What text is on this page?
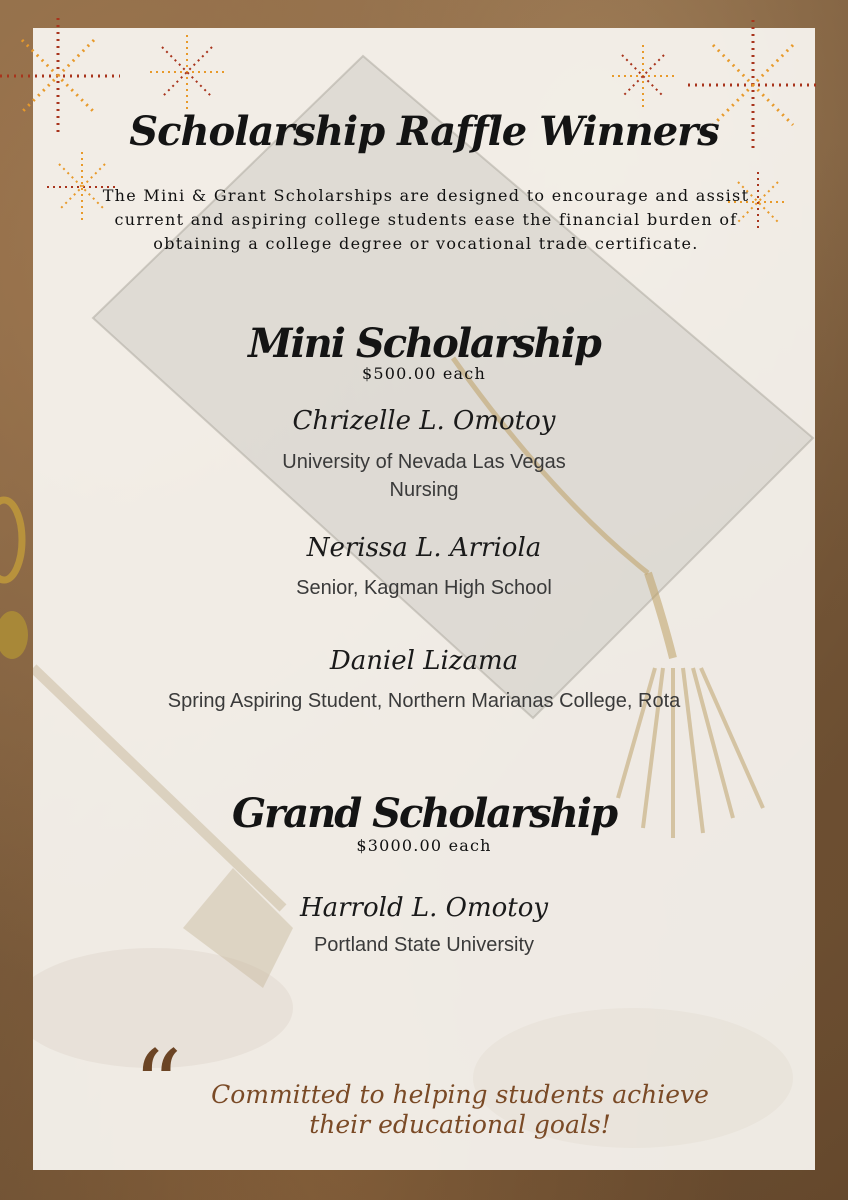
Scholarship Raffle Winners
The Mini & Grant Scholarships are designed to encourage and assist current and aspiring college students ease the financial burden of obtaining a college degree or vocational trade certificate.
Mini Scholarship
$500.00 each
Chrizelle L. Omotoy
University of Nevada Las Vegas
Nursing
Nerissa L. Arriola
Senior, Kagman High School
Daniel Lizama
Spring Aspiring Student, Northern Marianas College, Rota
Grand Scholarship
$3000.00 each
Harrold L. Omotoy
Portland State University
“	Committed to helping students achieve their educational goals!
